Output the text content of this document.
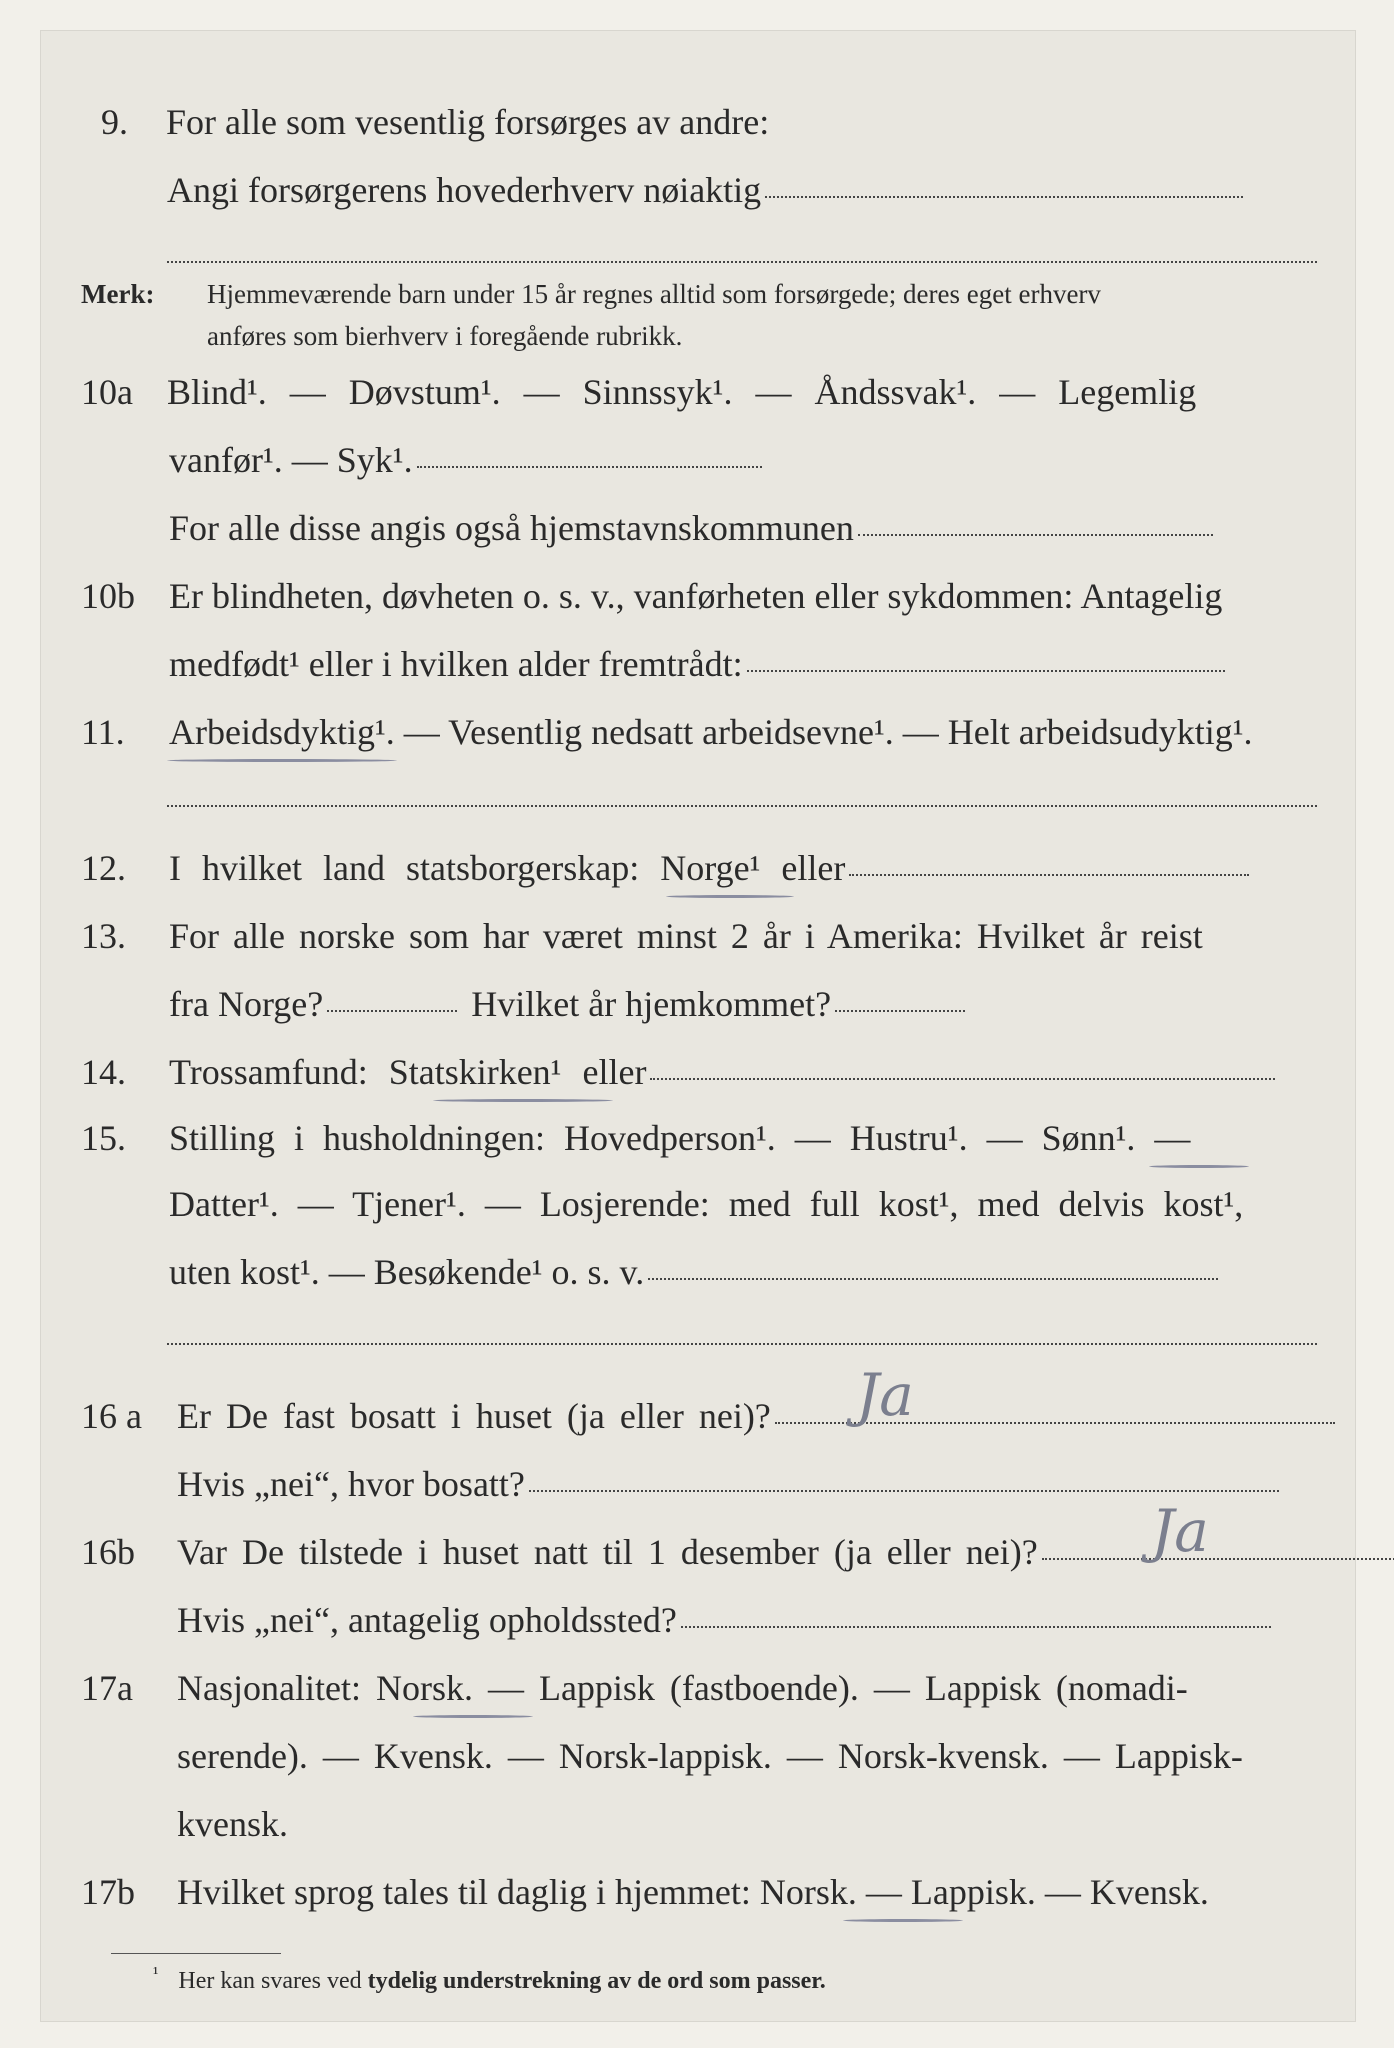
9.	For alle som vesentlig forsørges av andre:
Angi forsørgerens hovederhverv nøiaktig
Merk:	Hjemmeværende barn under 15 år regnes alltid som forsørgede; deres eget erhverv
anføres som bierhverv i foregående rubrikk.
10a Blind¹. — Døvstum¹. — Sinnssyk¹. — Åndssvak¹. — Legemlig
vanfør¹. — Syk¹.
For alle disse angis også hjemstavnskommunen
10b Er blindheten, døvheten o. s. v., vanførheten eller sykdommen: Antagelig
medfødt¹ eller i hvilken alder fremtrådt:
11.	Arbeidsdyktig¹. — Vesentlig nedsatt arbeidsevne¹. — Helt arbeidsudyktig¹.
12.	I hvilket land statsborgerskap: Norge¹ eller
13.	For alle norske som har været minst 2 år i Amerika: Hvilket år reist
fra Norge?	Hvilket år hjemkommet?
14.	Trossamfund: Statskirken¹ eller
15.	Stilling i husholdningen: Hovedperson¹. — Hustru¹. — Sønn¹. —
Datter¹. — Tjener¹. — Losjerende: med full kost¹, med delvis kost¹,
uten kost¹. — Besøkende¹ o. s. v.
16 a Er De fast bosatt i huset (ja eller nei)? Ja
Hvis „nei“, hvor bosatt?
16b	Var De tilstede i huset natt til 1 desember (ja eller nei)? Ja
Hvis „nei“, antagelig opholdssted?
17a	Nasjonalitet: Norsk. — Lappisk (fastboende). — Lappisk (nomadi-
serende). — Kvensk. — Norsk-lappisk. — Norsk-kvensk. — Lappisk-
kvensk.
17b	Hvilket sprog tales til daglig i hjemmet: Norsk. — Lappisk. — Kvensk.
$^{^1}$ Her kan svares ved tydelig understrekning av de ord som passer.
